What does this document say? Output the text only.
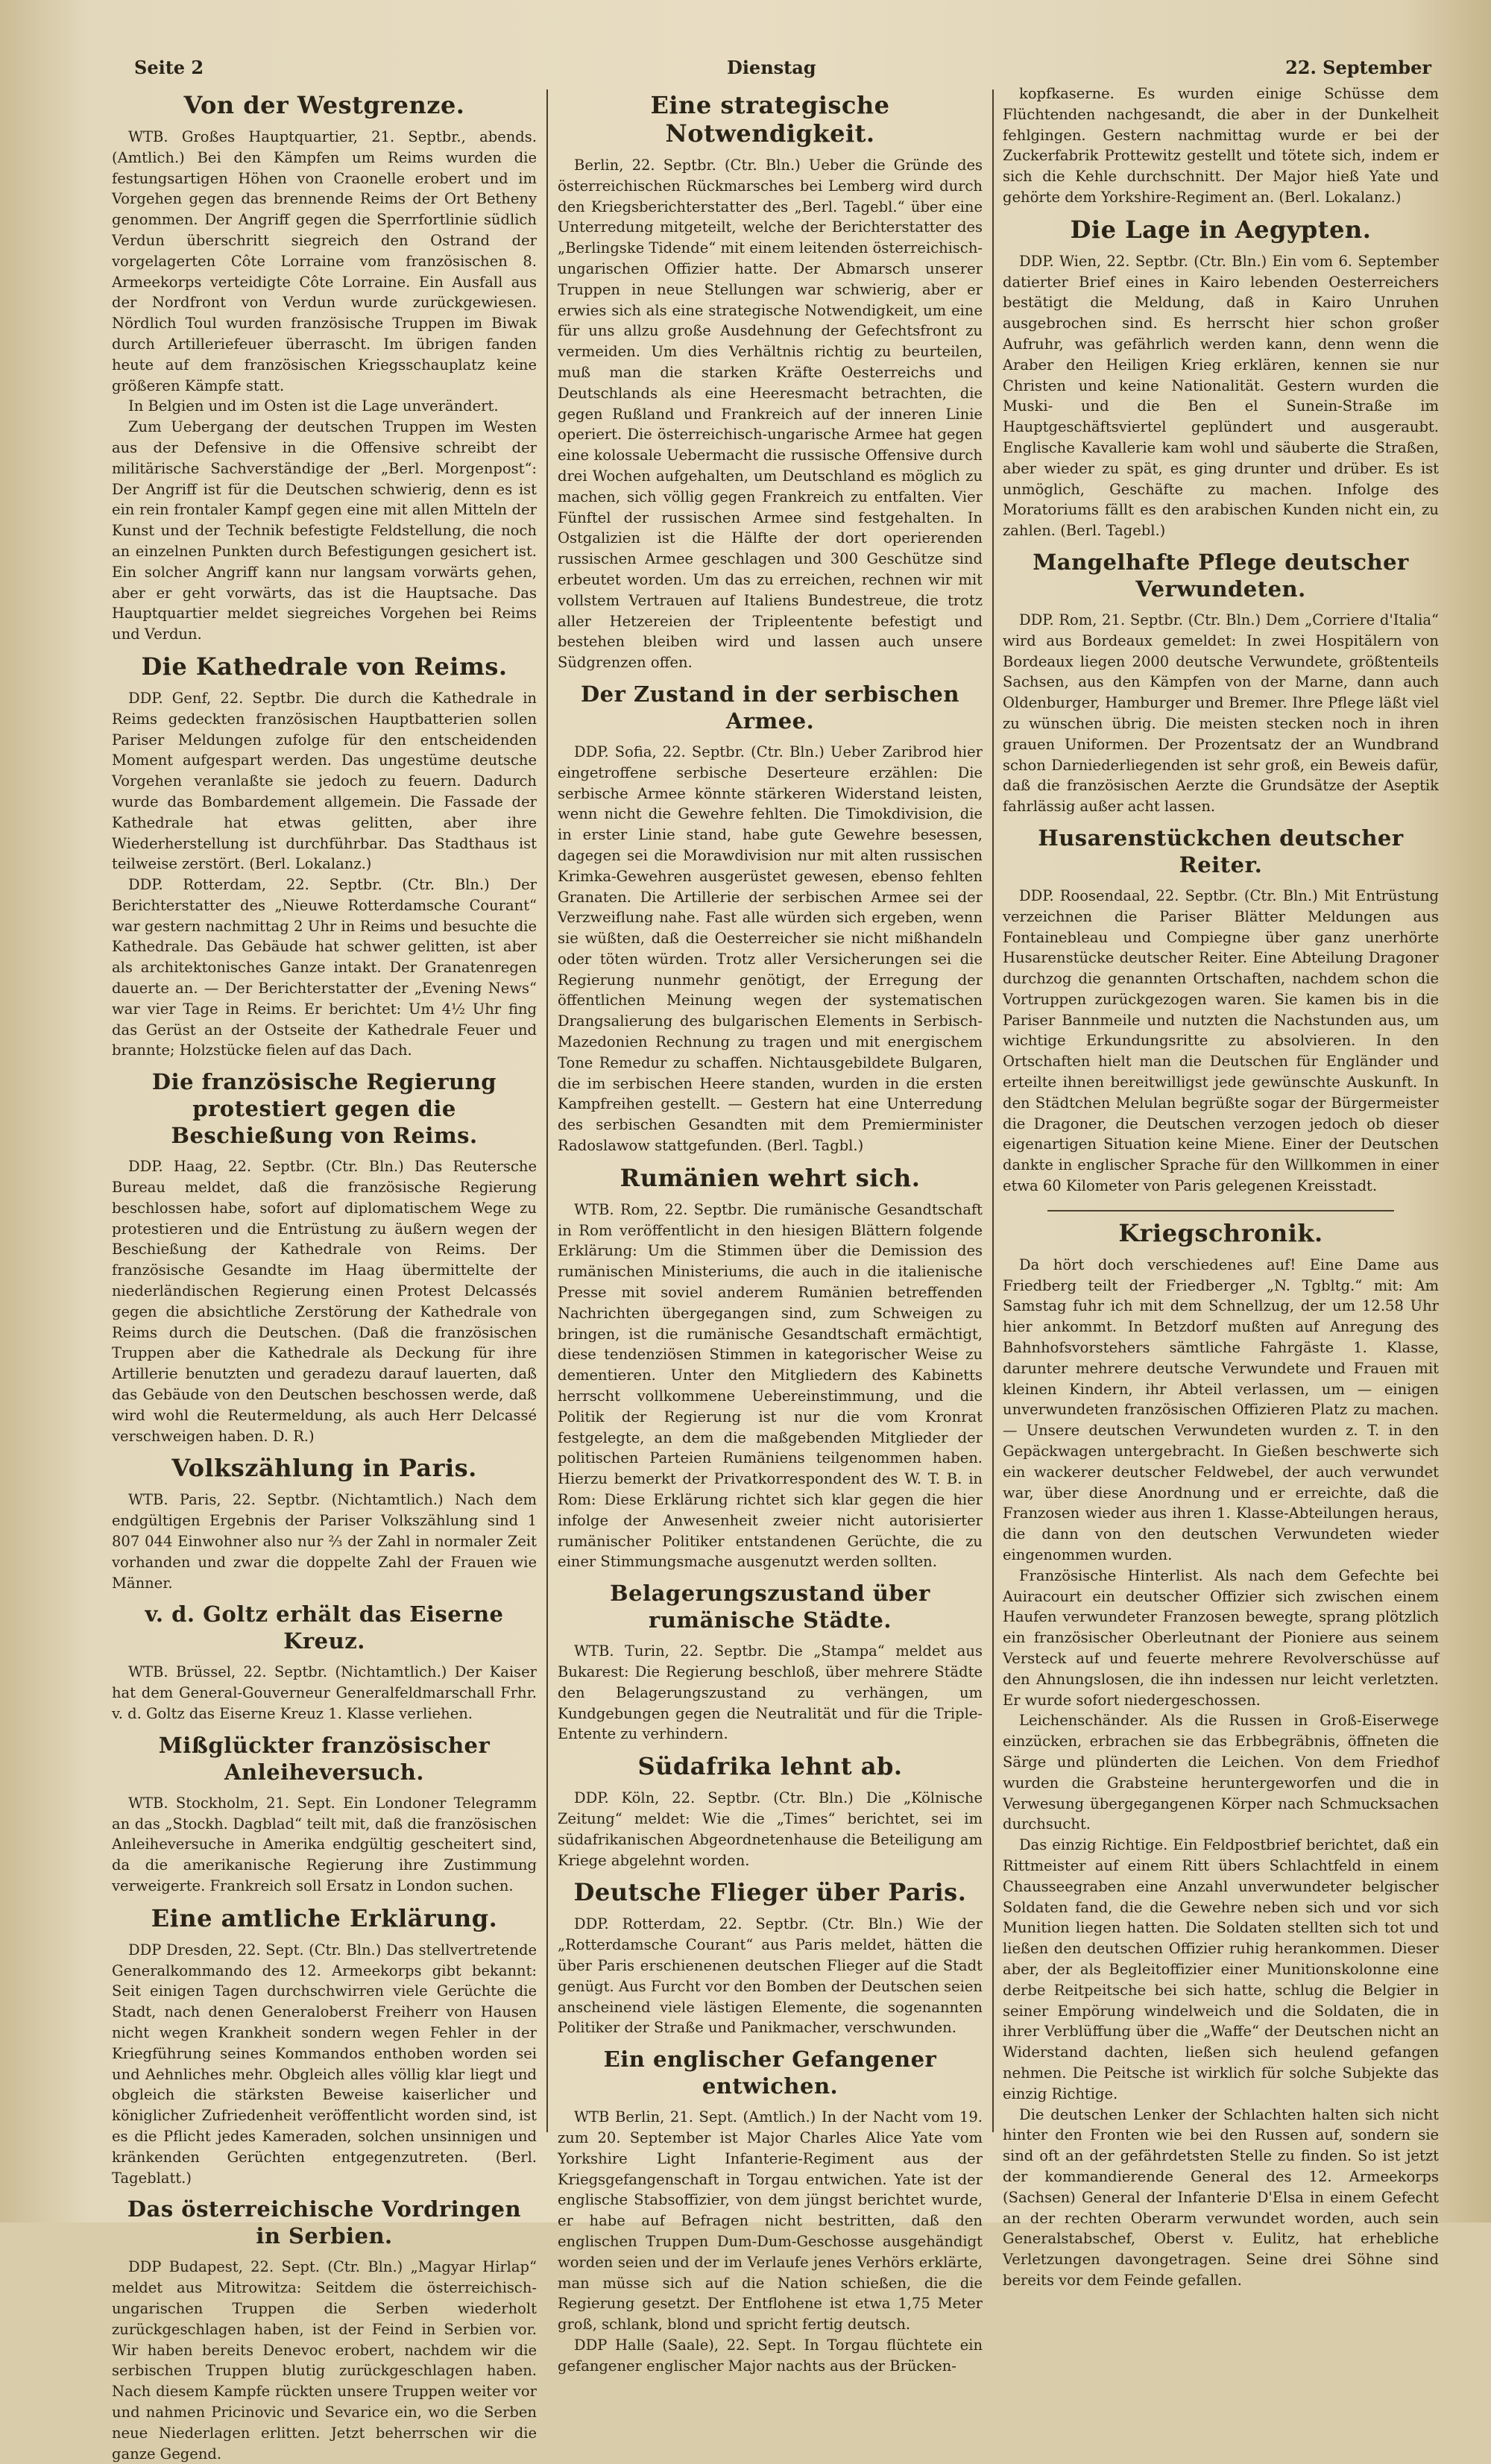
Seite 2	Dienstag	22. September
Von der Westgrenze.

WTB. Großes Hauptquartier, 21. Septbr., abends. (Amtlich.) Bei den Kämpfen um Reims wurden die festungsartigen Höhen von Craonelle erobert und im Vorgehen gegen das brennende Reims der Ort Betheny genommen. Der Angriff gegen die Sperrfortlinie südlich Verdun überschritt siegreich den Ostrand der vorgelagerten Côte Lorraine vom französischen 8. Armeekorps verteidigte Côte Lorraine. Ein Ausfall aus der Nordfront von Verdun wurde zurückgewiesen. Nördlich Toul wurden französische Truppen im Biwak durch Artilleriefeuer überrascht. Im übrigen fanden heute auf dem französischen Kriegsschauplatz keine größeren Kämpfe statt.

In Belgien und im Osten ist die Lage unverändert.

Zum Uebergang der deutschen Truppen im Westen aus der Defensive in die Offensive schreibt der militärische Sachverständige der „Berl. Morgenpost“: Der Angriff ist für die Deutschen schwierig, denn es ist ein rein frontaler Kampf gegen eine mit allen Mitteln der Kunst und der Technik befestigte Feldstellung, die noch an einzelnen Punkten durch Befestigungen gesichert ist. Ein solcher Angriff kann nur langsam vorwärts gehen, aber er geht vorwärts, das ist die Hauptsache. Das Hauptquartier meldet siegreiches Vorgehen bei Reims und Verdun.

Die Kathedrale von Reims.

DDP. Genf, 22. Septbr. Die durch die Kathedrale in Reims gedeckten französischen Hauptbatterien sollen Pariser Meldungen zufolge für den entscheidenden Moment aufgespart werden. Das ungestüme deutsche Vorgehen veranlaßte sie jedoch zu feuern. Dadurch wurde das Bombardement allgemein. Die Fassade der Kathedrale hat etwas gelitten, aber ihre Wiederherstellung ist durchführbar. Das Stadthaus ist teilweise zerstört. (Berl. Lokalanz.)

DDP. Rotterdam, 22. Septbr. (Ctr. Bln.) Der Berichterstatter des „Nieuwe Rotterdamsche Courant“ war gestern nachmittag 2 Uhr in Reims und besuchte die Kathedrale. Das Gebäude hat schwer gelitten, ist aber als architektonisches Ganze intakt. Der Granatenregen dauerte an. — Der Berichterstatter der „Evening News“ war vier Tage in Reims. Er berichtet: Um 4½ Uhr fing das Gerüst an der Ostseite der Kathedrale Feuer und brannte; Holzstücke fielen auf das Dach.

Die französische Regierung protestiert gegen die Beschießung von Reims.

DDP. Haag, 22. Septbr. (Ctr. Bln.) Das Reutersche Bureau meldet, daß die französische Regierung beschlossen habe, sofort auf diplomatischem Wege zu protestieren und die Entrüstung zu äußern wegen der Beschießung der Kathedrale von Reims. Der französische Gesandte im Haag übermittelte der niederländischen Regierung einen Protest Delcassés gegen die absichtliche Zerstörung der Kathedrale von Reims durch die Deutschen. (Daß die französischen Truppen aber die Kathedrale als Deckung für ihre Artillerie benutzten und geradezu darauf lauerten, daß das Gebäude von den Deutschen beschossen werde, daß wird wohl die Reutermeldung, als auch Herr Delcassé verschweigen haben. D. R.)

Volkszählung in Paris.

WTB. Paris, 22. Septbr. (Nichtamtlich.) Nach dem endgültigen Ergebnis der Pariser Volkszählung sind 1 807 044 Einwohner also nur ²⁄₃ der Zahl in normaler Zeit vorhanden und zwar die doppelte Zahl der Frauen wie Männer.

v. d. Goltz erhält das Eiserne Kreuz.

WTB. Brüssel, 22. Septbr. (Nichtamtlich.) Der Kaiser hat dem General-Gouverneur Generalfeldmarschall Frhr. v. d. Goltz das Eiserne Kreuz 1. Klasse verliehen.

Mißglückter französischer Anleiheversuch.

WTB. Stockholm, 21. Sept. Ein Londoner Telegramm an das „Stockh. Dagblad“ teilt mit, daß die französischen Anleiheversuche in Amerika endgültig gescheitert sind, da die amerikanische Regierung ihre Zustimmung verweigerte. Frankreich soll Ersatz in London suchen.

Eine amtliche Erklärung.

DDP Dresden, 22. Sept. (Ctr. Bln.) Das stellvertretende Generalkommando des 12. Armeekorps gibt bekannt: Seit einigen Tagen durchschwirren viele Gerüchte die Stadt, nach denen Generaloberst Freiherr von Hausen nicht wegen Krankheit sondern wegen Fehler in der Kriegführung seines Kommandos enthoben worden sei und Aehnliches mehr. Obgleich alles völlig klar liegt und obgleich die stärksten Beweise kaiserlicher und königlicher Zufriedenheit veröffentlicht worden sind, ist es die Pflicht jedes Kameraden, solchen unsinnigen und kränkenden Gerüchten entgegenzutreten. (Berl. Tageblatt.)

Das österreichische Vordringen in Serbien.

DDP Budapest, 22. Sept. (Ctr. Bln.) „Magyar Hirlap“ meldet aus Mitrowitza: Seitdem die österreichisch-ungarischen Truppen die Serben wiederholt zurückgeschlagen haben, ist der Feind in Serbien vor. Wir haben bereits Denevoc erobert, nachdem wir die serbischen Truppen blutig zurückgeschlagen haben. Nach diesem Kampfe rückten unsere Truppen weiter vor und nahmen Pricinovic und Sevarice ein, wo die Serben neue Niederlagen erlitten. Jetzt beherrschen wir die ganze Gegend.

Eine strategische Notwendigkeit.

Berlin, 22. Septbr. (Ctr. Bln.) Ueber die Gründe des österreichischen Rückmarsches bei Lemberg wird durch den Kriegsberichterstatter des „Berl. Tagebl.“ über eine Unterredung mitgeteilt, welche der Berichterstatter des „Berlingske Tidende“ mit einem leitenden österreichisch-ungarischen Offizier hatte. Der Abmarsch unserer Truppen in neue Stellungen war schwierig, aber er erwies sich als eine strategische Notwendigkeit, um eine für uns allzu große Ausdehnung der Gefechtsfront zu vermeiden. Um dies Verhältnis richtig zu beurteilen, muß man die starken Kräfte Oesterreichs und Deutschlands als eine Heeresmacht betrachten, die gegen Rußland und Frankreich auf der inneren Linie operiert. Die österreichisch-ungarische Armee hat gegen eine kolossale Uebermacht die russische Offensive durch drei Wochen aufgehalten, um Deutschland es möglich zu machen, sich völlig gegen Frankreich zu entfalten. Vier Fünftel der russischen Armee sind festgehalten. In Ostgalizien ist die Hälfte der dort operierenden russischen Armee geschlagen und 300 Geschütze sind erbeutet worden. Um das zu erreichen, rechnen wir mit vollstem Vertrauen auf Italiens Bundestreue, die trotz aller Hetzereien der Tripleentente befestigt und bestehen bleiben wird und lassen auch unsere Südgrenzen offen.

Der Zustand in der serbischen Armee.

DDP. Sofia, 22. Septbr. (Ctr. Bln.) Ueber Zaribrod hier eingetroffene serbische Deserteure erzählen: Die serbische Armee könnte stärkeren Widerstand leisten, wenn nicht die Gewehre fehlten. Die Timokdivision, die in erster Linie stand, habe gute Gewehre besessen, dagegen sei die Morawdivision nur mit alten russischen Krimka-Gewehren ausgerüstet gewesen, ebenso fehlten Granaten. Die Artillerie der serbischen Armee sei der Verzweiflung nahe. Fast alle würden sich ergeben, wenn sie wüßten, daß die Oesterreicher sie nicht mißhandeln oder töten würden. Trotz aller Versicherungen sei die Regierung nunmehr genötigt, der Erregung der öffentlichen Meinung wegen der systematischen Drangsalierung des bulgarischen Elements in Serbisch-Mazedonien Rechnung zu tragen und mit energischem Tone Remedur zu schaffen. Nichtausgebildete Bulgaren, die im serbischen Heere standen, wurden in die ersten Kampfreihen gestellt. — Gestern hat eine Unterredung des serbischen Gesandten mit dem Premierminister Radoslawow stattgefunden. (Berl. Tagbl.)

Rumänien wehrt sich.

WTB. Rom, 22. Septbr. Die rumänische Gesandtschaft in Rom veröffentlicht in den hiesigen Blättern folgende Erklärung: Um die Stimmen über die Demission des rumänischen Ministeriums, die auch in die italienische Presse mit soviel anderem Rumänien betreffenden Nachrichten übergegangen sind, zum Schweigen zu bringen, ist die rumänische Gesandtschaft ermächtigt, diese tendenziösen Stimmen in kategorischer Weise zu dementieren. Unter den Mitgliedern des Kabinetts herrscht vollkommene Uebereinstimmung, und die Politik der Regierung ist nur die vom Kronrat festgelegte, an dem die maßgebenden Mitglieder der politischen Parteien Rumäniens teilgenommen haben. Hierzu bemerkt der Privatkorrespondent des W. T. B. in Rom: Diese Erklärung richtet sich klar gegen die hier infolge der Anwesenheit zweier nicht autorisierter rumänischer Politiker entstandenen Gerüchte, die zu einer Stimmungsmache ausgenutzt werden sollten.

Belagerungszustand über rumänische Städte.

WTB. Turin, 22. Septbr. Die „Stampa“ meldet aus Bukarest: Die Regierung beschloß, über mehrere Städte den Belagerungszustand zu verhängen, um Kundgebungen gegen die Neutralität und für die Triple-Entente zu verhindern.

Südafrika lehnt ab.

DDP. Köln, 22. Septbr. (Ctr. Bln.) Die „Kölnische Zeitung“ meldet: Wie die „Times“ berichtet, sei im südafrikanischen Abgeordnetenhause die Beteiligung am Kriege abgelehnt worden.

Deutsche Flieger über Paris.

DDP. Rotterdam, 22. Septbr. (Ctr. Bln.) Wie der „Rotterdamsche Courant“ aus Paris meldet, hätten die über Paris erschienenen deutschen Flieger auf die Stadt genügt. Aus Furcht vor den Bomben der Deutschen seien anscheinend viele lästigen Elemente, die sogenannten Politiker der Straße und Panikmacher, verschwunden.

Ein englischer Gefangener entwichen.

WTB Berlin, 21. Sept. (Amtlich.) In der Nacht vom 19. zum 20. September ist Major Charles Alice Yate vom Yorkshire Light Infanterie-Regiment aus der Kriegsgefangenschaft in Torgau entwichen. Yate ist der englische Stabsoffizier, von dem jüngst berichtet wurde, er habe auf Befragen nicht bestritten, daß den englischen Truppen Dum-Dum-Geschosse ausgehändigt worden seien und der im Verlaufe jenes Verhörs erklärte, man müsse sich auf die Nation schießen, die die Regierung gesetzt. Der Entflohene ist etwa 1,75 Meter groß, schlank, blond und spricht fertig deutsch.

DDP Halle (Saale), 22. Sept. In Torgau flüchtete ein gefangener englischer Major nachts aus der Brücken-

kopfkaserne. Es wurden einige Schüsse dem Flüchtenden nachgesandt, die aber in der Dunkelheit fehlgingen. Gestern nachmittag wurde er bei der Zuckerfabrik Prottewitz gestellt und tötete sich, indem er sich die Kehle durchschnitt. Der Major hieß Yate und gehörte dem Yorkshire-Regiment an. (Berl. Lokalanz.)

Die Lage in Aegypten.

DDP. Wien, 22. Septbr. (Ctr. Bln.) Ein vom 6. September datierter Brief eines in Kairo lebenden Oesterreichers bestätigt die Meldung, daß in Kairo Unruhen ausgebrochen sind. Es herrscht hier schon großer Aufruhr, was gefährlich werden kann, denn wenn die Araber den Heiligen Krieg erklären, kennen sie nur Christen und keine Nationalität. Gestern wurden die Muski- und die Ben el Sunein-Straße im Hauptgeschäftsviertel geplündert und ausgeraubt. Englische Kavallerie kam wohl und säuberte die Straßen, aber wieder zu spät, es ging drunter und drüber. Es ist unmöglich, Geschäfte zu machen. Infolge des Moratoriums fällt es den arabischen Kunden nicht ein, zu zahlen. (Berl. Tagebl.)

Mangelhafte Pflege deutscher Verwundeten.

DDP. Rom, 21. Septbr. (Ctr. Bln.) Dem „Corriere d'Italia“ wird aus Bordeaux gemeldet: In zwei Hospitälern von Bordeaux liegen 2000 deutsche Verwundete, größtenteils Sachsen, aus den Kämpfen von der Marne, dann auch Oldenburger, Hamburger und Bremer. Ihre Pflege läßt viel zu wünschen übrig. Die meisten stecken noch in ihren grauen Uniformen. Der Prozentsatz der an Wundbrand schon Darniederliegenden ist sehr groß, ein Beweis dafür, daß die französischen Aerzte die Grundsätze der Aseptik fahrlässig außer acht lassen.

Husarenstückchen deutscher Reiter.

DDP. Roosendaal, 22. Septbr. (Ctr. Bln.) Mit Entrüstung verzeichnen die Pariser Blätter Meldungen aus Fontainebleau und Compiegne über ganz unerhörte Husarenstücke deutscher Reiter. Eine Abteilung Dragoner durchzog die genannten Ortschaften, nachdem schon die Vortruppen zurückgezogen waren. Sie kamen bis in die Pariser Bannmeile und nutzten die Nachstunden aus, um wichtige Erkundungsritte zu absolvieren. In den Ortschaften hielt man die Deutschen für Engländer und erteilte ihnen bereitwilligst jede gewünschte Auskunft. In den Städtchen Melulan begrüßte sogar der Bürgermeister die Dragoner, die Deutschen verzogen jedoch ob dieser eigenartigen Situation keine Miene. Einer der Deutschen dankte in englischer Sprache für den Willkommen in einer etwa 60 Kilometer von Paris gelegenen Kreisstadt.

Kriegschronik.

Da hört doch verschiedenes auf! Eine Dame aus Friedberg teilt der Friedberger „N. Tgbltg.“ mit: Am Samstag fuhr ich mit dem Schnellzug, der um 12.58 Uhr hier ankommt. In Betzdorf mußten auf Anregung des Bahnhofsvorstehers sämtliche Fahrgäste 1. Klasse, darunter mehrere deutsche Verwundete und Frauen mit kleinen Kindern, ihr Abteil verlassen, um — einigen unverwundeten französischen Offizieren Platz zu machen. — Unsere deutschen Verwundeten wurden z. T. in den Gepäckwagen untergebracht. In Gießen beschwerte sich ein wackerer deutscher Feldwebel, der auch verwundet war, über diese Anordnung und er erreichte, daß die Franzosen wieder aus ihren 1. Klasse-Abteilungen heraus, die dann von den deutschen Verwundeten wieder eingenommen wurden.

Französische Hinterlist. Als nach dem Gefechte bei Auiracourt ein deutscher Offizier sich zwischen einem Haufen verwundeter Franzosen bewegte, sprang plötzlich ein französischer Oberleutnant der Pioniere aus seinem Versteck auf und feuerte mehrere Revolverschüsse auf den Ahnungslosen, die ihn indessen nur leicht verletzten. Er wurde sofort niedergeschossen.

Leichenschänder. Als die Russen in Groß-Eiserwege einzücken, erbrachen sie das Erbbegräbnis, öffneten die Särge und plünderten die Leichen. Von dem Friedhof wurden die Grabsteine heruntergeworfen und die in Verwesung übergegangenen Körper nach Schmucksachen durchsucht.

Das einzig Richtige. Ein Feldpostbrief berichtet, daß ein Rittmeister auf einem Ritt übers Schlachtfeld in einem Chausseegraben eine Anzahl unverwundeter belgischer Soldaten fand, die die Gewehre neben sich und vor sich Munition liegen hatten. Die Soldaten stellten sich tot und ließen den deutschen Offizier ruhig herankommen. Dieser aber, der als Begleitoffizier einer Munitionskolonne eine derbe Reitpeitsche bei sich hatte, schlug die Belgier in seiner Empörung windelweich und die Soldaten, die in ihrer Verblüffung über die „Waffe“ der Deutschen nicht an Widerstand dachten, ließen sich heulend gefangen nehmen. Die Peitsche ist wirklich für solche Subjekte das einzig Richtige.

Die deutschen Lenker der Schlachten halten sich nicht hinter den Fronten wie bei den Russen auf, sondern sie sind oft an der gefährdetsten Stelle zu finden. So ist jetzt der kommandierende General des 12. Armeekorps (Sachsen) General der Infanterie D'Elsa in einem Gefecht an der rechten Oberarm verwundet worden, auch sein Generalstabschef, Oberst v. Eulitz, hat erhebliche Verletzungen davongetragen. Seine drei Söhne sind bereits vor dem Feinde gefallen.
